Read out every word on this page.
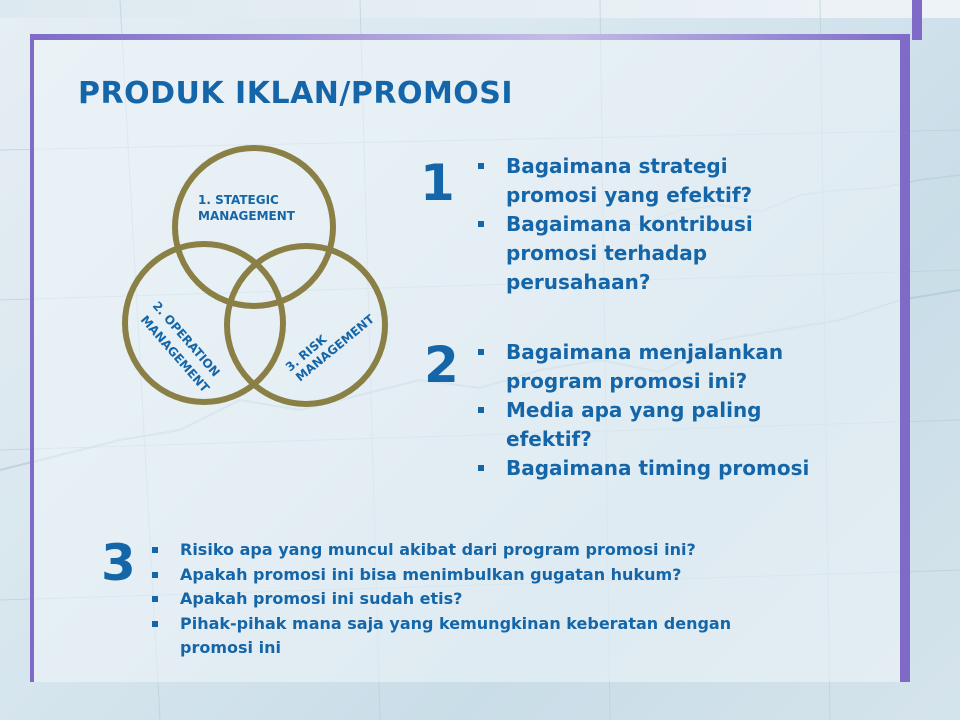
PRODUK IKLAN/PROMOSI
1. STATEGIC
MANAGEMENT
2. OPERATION
MANAGEMENT
3. RISK
MANAGEMENT
1	Bagaimana strategi promosi yang efektif?
Bagaimana kontribusi promosi terhadap perusahaan?
2	Bagaimana menjalankan program promosi ini?
Media apa yang paling efektif?
Bagaimana timing promosi
3	Risiko apa yang muncul akibat dari program promosi ini?
Apakah promosi ini bisa menimbulkan gugatan hukum?
Apakah promosi ini sudah etis?
Pihak-pihak mana saja yang kemungkinan keberatan dengan promosi ini
